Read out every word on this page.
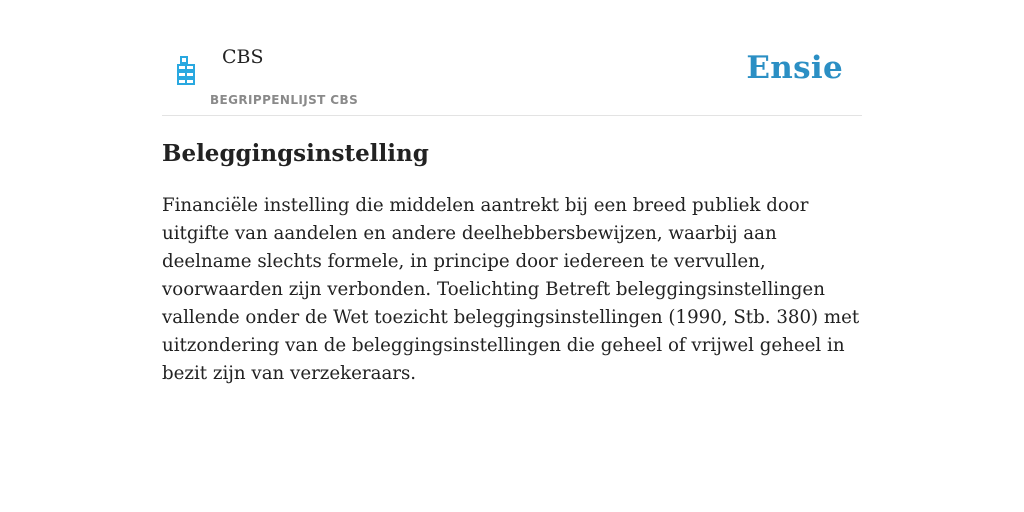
CBS
BEGRIPPENLIJST CBS
Ensie
Beleggingsinstelling

Financiële instelling die middelen aantrekt bij een breed publiek door uitgifte van aandelen en andere deelhebbersbewijzen, waarbij aan deelname slechts formele, in principe door iedereen te vervullen, voorwaarden zijn verbonden. Toelichting Betreft beleggingsinstellingen vallende onder de Wet toezicht beleggingsinstellingen (1990, Stb. 380) met uitzondering van de beleggingsinstellingen die geheel of vrijwel geheel in bezit zijn van verzekeraars.
